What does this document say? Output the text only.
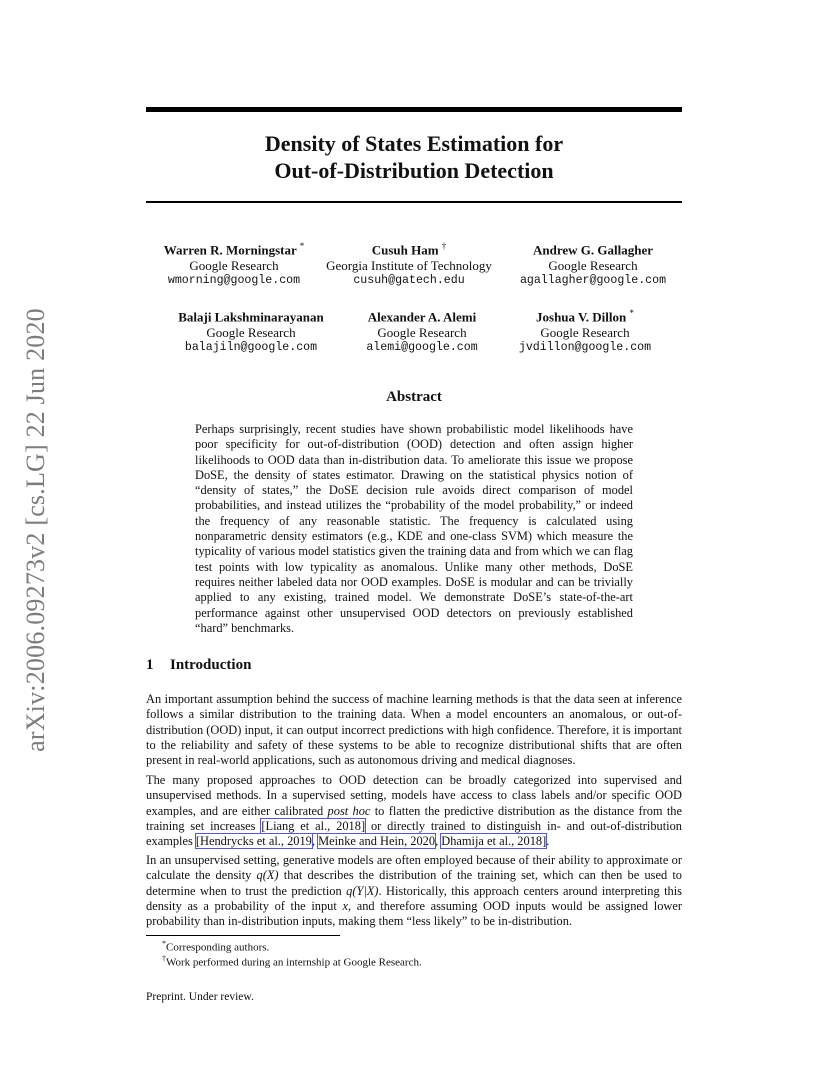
arXiv:2006.09273v2 [cs.LG] 22 Jun 2020
Density of States Estimation for
Out-of-Distribution Detection
Warren R. Morningstar *
Google Research
wmorning@google.com
Cusuh Ham †
Georgia Institute of Technology
cusuh@gatech.edu
Andrew G. Gallagher
Google Research
agallagher@google.com
Balaji Lakshminarayanan
Google Research
balajiln@google.com
Alexander A. Alemi
Google Research
alemi@google.com
Joshua V. Dillon *
Google Research
jvdillon@google.com
Abstract
Perhaps surprisingly, recent studies have shown probabilistic model likelihoods have poor specificity for out-of-distribution (OOD) detection and often assign higher likelihoods to OOD data than in-distribution data. To ameliorate this issue we propose DoSE, the density of states estimator. Drawing on the statistical physics notion of “density of states,” the DoSE decision rule avoids direct comparison of model probabilities, and instead utilizes the “probability of the model probability,” or indeed the frequency of any reasonable statistic. The frequency is calculated using nonparametric density estimators (e.g., KDE and one-class SVM) which measure the typicality of various model statistics given the training data and from which we can flag test points with low typicality as anomalous. Unlike many other methods, DoSE requires neither labeled data nor OOD examples. DoSE is modular and can be trivially applied to any existing, trained model. We demonstrate DoSE’s state-of-the-art performance against other unsupervised OOD detectors on previously established “hard” benchmarks.
1 Introduction
An important assumption behind the success of machine learning methods is that the data seen at inference follows a similar distribution to the training data. When a model encounters an anomalous, or out-of-distribution (OOD) input, it can output incorrect predictions with high confidence. Therefore, it is important to the reliability and safety of these systems to be able to recognize distributional shifts that are often present in real-world applications, such as autonomous driving and medical diagnoses.
The many proposed approaches to OOD detection can be broadly categorized into supervised and unsupervised methods. In a supervised setting, models have access to class labels and/or specific OOD examples, and are either calibrated post hoc to flatten the predictive distribution as the distance from the training set increases [Liang et al., 2018] or directly trained to distinguish in- and out-of-distribution examples [Hendrycks et al., 2019, Meinke and Hein, 2020, Dhamija et al., 2018].
In an unsupervised setting, generative models are often employed because of their ability to approximate or calculate the density q(X) that describes the distribution of the training set, which can then be used to determine when to trust the prediction q(Y|X). Historically, this approach centers around interpreting this density as a probability of the input x, and therefore assuming OOD inputs would be assigned lower probability than in-distribution inputs, making them “less likely” to be in-distribution.
*Corresponding authors.
†Work performed during an internship at Google Research.
Preprint. Under review.
